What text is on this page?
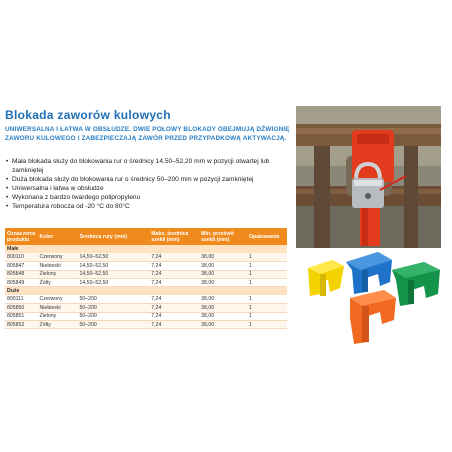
Blokada zaworów kulowych
UNIWERSALNA I ŁATWA W OBSŁUDZE. DWIE POŁOWY BLOKADY OBEJMUJĄ DŹWIGNIĘ ZAWORU KULOWEGO I ZABEZPIECZAJĄ ZAWÓR PRZED PRZYPADKOWĄ AKTYWACJĄ.
• Mała blokada służy do blokowania rur o średnicy 14,50–52,20 mm w pozycji otwartej lub zamkniętej
• Duża blokada służy do blokowania rur o średnicy 50–200 mm w pozycji zamkniętej
• Uniwersalna i łatwa w obsłudze
• Wykonana z bardzo twardego polipropylenu
• Temperatura robocza od -20 °C do 80°C
Oznaczenie produktu	Kolor	Średnica rury (mm)	Maks. średnica szekli (mm)	Min. prześwit szekli (mm)	Opakowanie
Małe					
800110	Czerwony	14,50–52,50	7,24	38,00	1
805847	Niebieski	14,50–52,50	7,24	38,00	1
805848	Zielony	14,50–52,50	7,24	38,00	1
805849	Żółty	14,50–52,50	7,24	38,00	1
Duże					
800111	Czerwony	50–200	7,24	38,00	1
805850	Niebieski	50–200	7,24	38,00	1
805851	Zielony	50–200	7,24	38,00	1
805852	Żółty	50–200	7,24	38,00	1
